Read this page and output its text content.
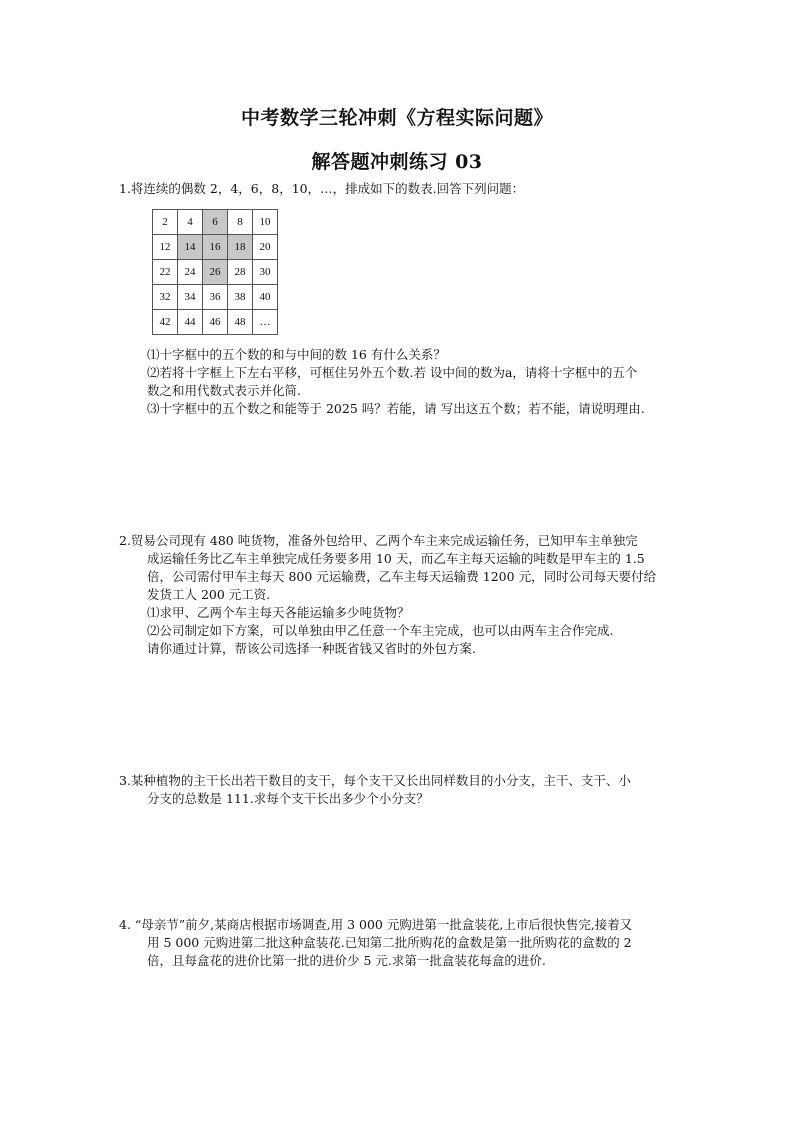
中考数学三轮冲刺《方程实际问题》
解答题冲刺练习 03
1.将连续的偶数 2，4，6，8，10，…，排成如下的数表.回答下列问题：
2	4	6	8	10
12	14	16	18	20
22	24	26	28	30
32	34	36	38	40
42	44	46	48	…
⑴十字框中的五个数的和与中间的数 16 有什么关系？
⑵若将十字框上下左右平移，可框住另外五个数.若 设中间的数为a，请将十字框中的五个
数之和用代数式表示并化简.
⑶十字框中的五个数之和能等于 2025 吗？若能，请 写出这五个数；若不能，请说明理由.
2.贸易公司现有 480 吨货物，准备外包给甲、乙两个车主来完成运输任务，已知甲车主单独完
成运输任务比乙车主单独完成任务要多用 10 天，而乙车主每天运输的吨数是甲车主的 1.5
倍，公司需付甲车主每天 800 元运输费，乙车主每天运输费 1200 元，同时公司每天要付给
发货工人 200 元工资.
⑴求甲、乙两个车主每天各能运输多少吨货物？
⑵公司制定如下方案，可以单独由甲乙任意一个车主完成，也可以由两车主合作完成.
请你通过计算，帮该公司选择一种既省钱又省时的外包方案.
3.某种植物的主干长出若干数目的支干，每个支干又长出同样数目的小分支，主干、支干、小
分支的总数是 111.求每个支干长出多少个小分支？
4. “母亲节”前夕,某商店根据市场调查,用 3 000 元购进第一批盒装花,上市后很快售完,接着又
用 5 000 元购进第二批这种盒装花.已知第二批所购花的盒数是第一批所购花的盒数的 2
倍，且每盒花的进价比第一批的进价少 5 元.求第一批盒装花每盒的进价.
